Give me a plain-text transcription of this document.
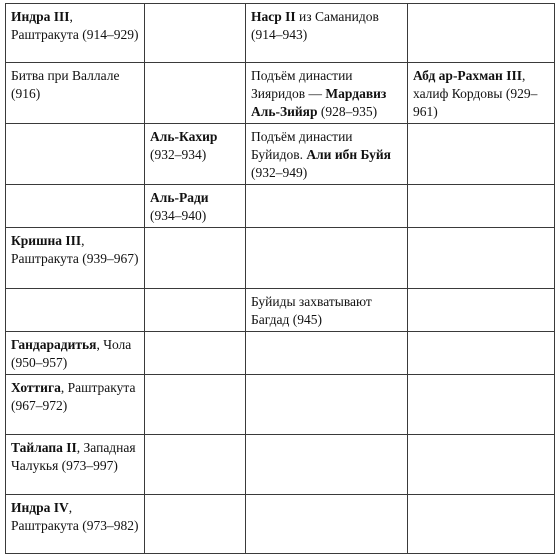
Индра III, Раштракута (914–929)		Наср II из Саманидов (914–943)		
Битва при Валлале (916)		Подъём династии Зияридов — Мардавиз Аль-Зийяр (928–935)	Абд ар-Рахман III, халиф Кордовы (929–961)	
	Аль-Кахир (932–934)	Подъём династии Буйидов. Али ибн Буйя (932–949)		
	Аль-Ради (934–940)			
Кришна III, Раштракута (939–967)				
		Буйиды захватывают Багдад (945)		
Гандарадитья, Чола (950–957)				
Хоттига, Раштракута (967–972)				
Тайлапа II, Западная Чалукья (973–997)				
Индра IV, Раштракута (973–982)				
